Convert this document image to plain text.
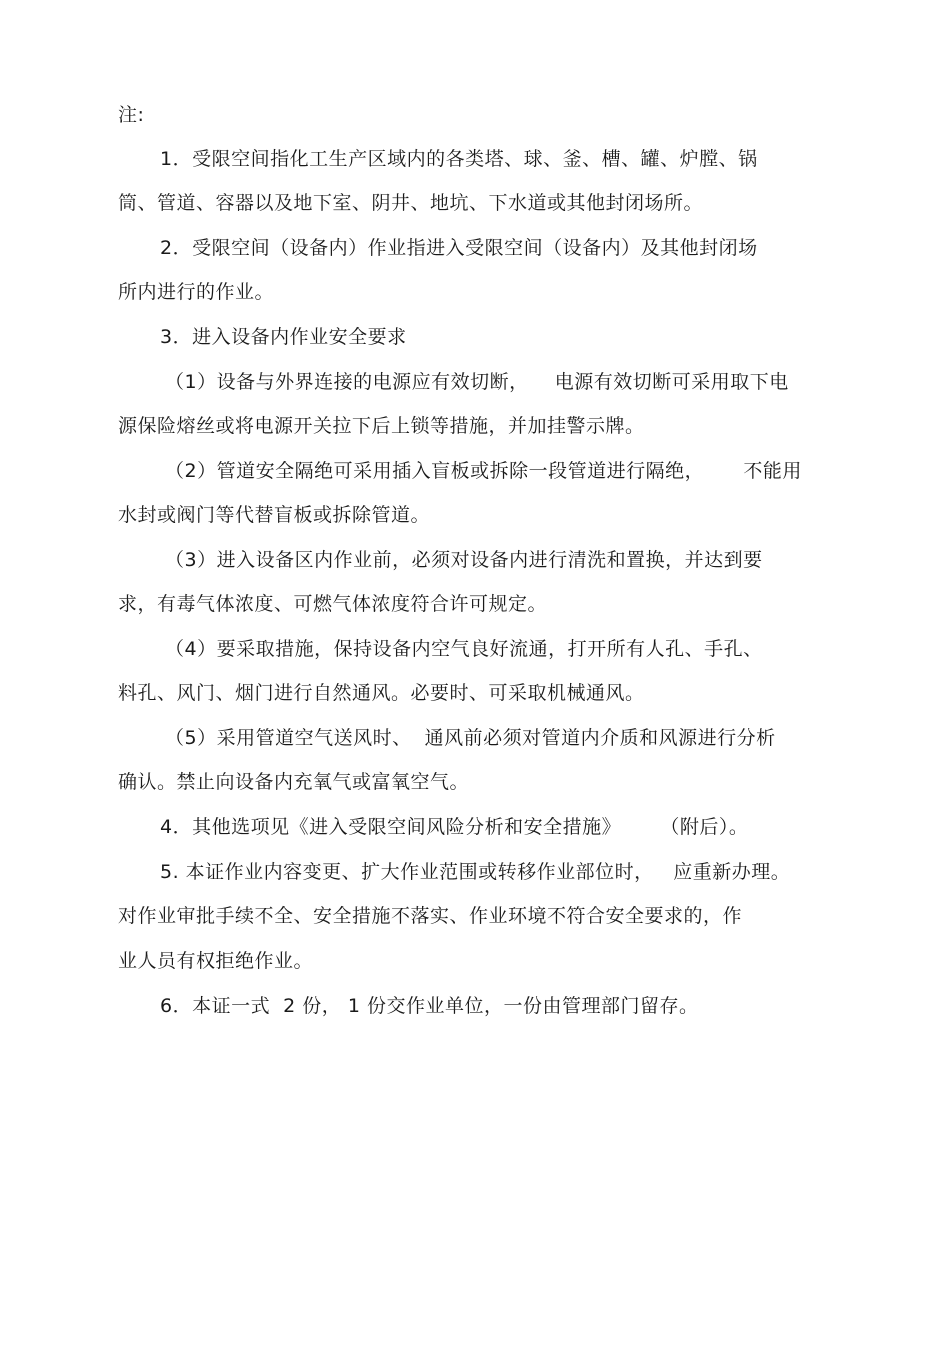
注:
1．受限空间指化工生产区域内的各类塔、球、釜、槽、罐、炉膛、锅
筒、管道、容器以及地下室、阴井、地坑、下水道或其他封闭场所。
2．受限空间（设备内）作业指进入受限空间（设备内）及其他封闭场
所内进行的作业。
3．进入设备内作业安全要求
（1）设备与外界连接的电源应有效切断，    电源有效切断可采用取下电
源保险熔丝或将电源开关拉下后上锁等措施，并加挂警示牌。
（2）管道安全隔绝可采用插入盲板或拆除一段管道进行隔绝，      不能用
水封或阀门等代替盲板或拆除管道。
（3）进入设备区内作业前，必须对设备内进行清洗和置换，并达到要
求，有毒气体浓度、可燃气体浓度符合许可规定。
（4）要采取措施，保持设备内空气良好流通，打开所有人孔、手孔、
料孔、风门、烟门进行自然通风。必要时、可采取机械通风。
（5）采用管道空气送风时、  通风前必须对管道内介质和风源进行分析
确认。禁止向设备内充氧气或富氧空气。
4．其他选项见《进入受限空间风险分析和安全措施》      （附后）。
5. 本证作业内容变更、扩大作业范围或转移作业部位时，   应重新办理。
对作业审批手续不全、安全措施不落实、作业环境不符合安全要求的，作
业人员有权拒绝作业。
6．本证一式  2 份， 1 份交作业单位，一份由管理部门留存。
